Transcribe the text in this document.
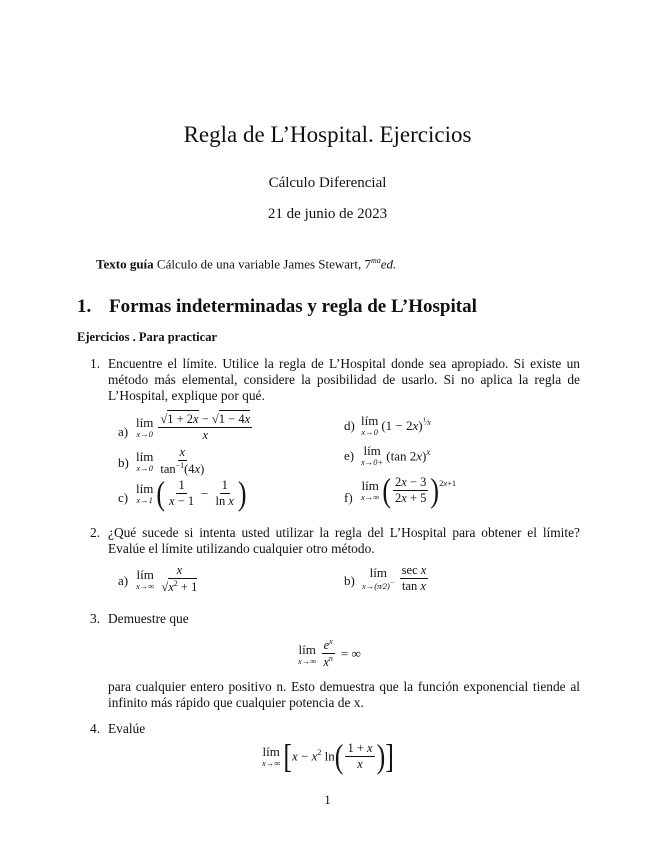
Regla de L’Hospital. Ejercicios
Cálculo Diferencial
21 de junio de 2023
Texto guía Cálculo de una variable James Stewart, $7^{ma}ed$.
1. Formas indeterminadas y regla de L’Hospital
Ejercicios . Para practicar
1. Encuentre el límite. Utilice la regla de L’Hospital donde sea apropiado. Si existe un método más elemental, considere la posibilidad de usarlo. Si no aplica la regla de L’Hospital, explique por qué.
a)
lím
$x\to 0 \frac{√1 + 2x - √1 - 4x}{x}$
b) lím
$x\to 0 \frac{x}{\tan^{-1}(4x)}$
c)
lím
x→1 ( $\frac{1}{x - 1} - \frac{1}{\text{ln x}}$ )
d) lím
x→0 $(1 - 2x)^{^1⁄x}$
e) lím
x→0+ (tan 2x)$^x$
f)
lím
x→∞ ( $\frac{2x - 3}{2x + 5}$ ) 2x+1
2. ¿Qué sucede si intenta usted utilizar la regla del L’Hospital para obtener el límite? Evalúe el límite utilizando cualquier otro método.
a) lím
$x\to\infty \frac{x}{√x^2 + 1}$	b)
lím
x→(π⁄2)− $\frac{\text{sec x}}{\text{tan x}}$
3. Demuestre que
lím
$x\to\infty \frac{e^x}{x^n}$ = ∞
para cualquier entero positivo n. Esto demuestra que la función exponencial tiende al infinito más rápido que cualquier potencia de x.
4. Evalúe
lím
x→∞ [ $x - x^2$ ln ( $\frac{1 + x}{x}$ ) ]
1
